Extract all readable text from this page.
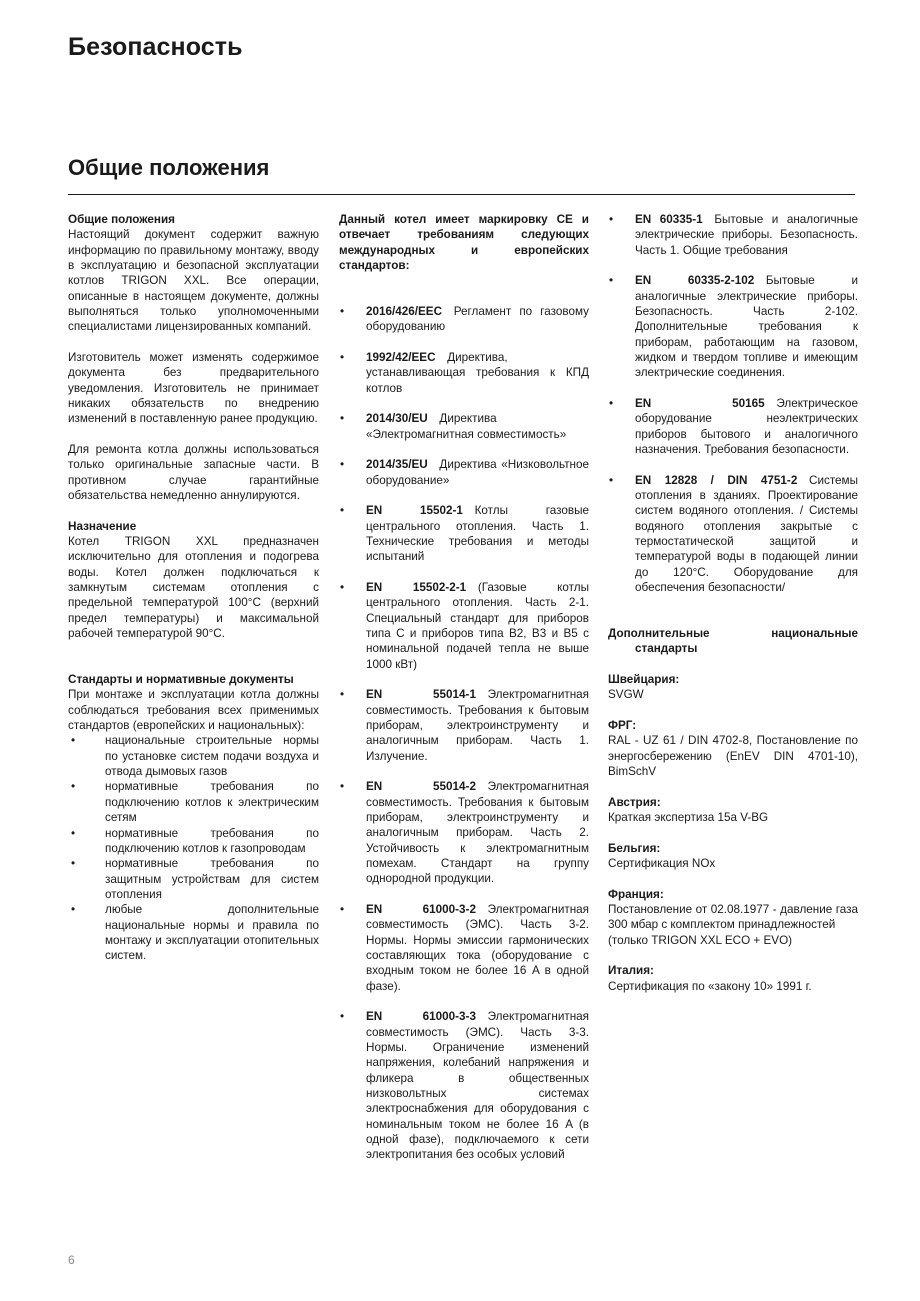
Безопасность
Общие положения
Общие положения
Настоящий документ содержит важную информацию по правильному монтажу, вводу в эксплуатацию и безопасной эксплуатации котлов TRIGON XXL. Все операции, описанные в настоящем документе, должны выполняться только уполномоченными специалистами лицензированных компаний.
Изготовитель может изменять содержимое документа без предварительного уведомления. Изготовитель не принимает никаких обязательств по внедрению изменений в поставленную ранее продукцию.
Для ремонта котла должны использоваться только оригинальные запасные части. В противном случае гарантийные обязательства немедленно аннулируются.
Назначение
Котел TRIGON XXL предназначен исключительно для отопления и подогрева воды. Котел должен подключаться к замкнутым системам отопления с предельной температурой 100°C (верхний предел температуры) и максимальной рабочей температурой 90°C.
Стандарты и нормативные документы
При монтаже и эксплуатации котла должны соблюдаться требования всех применимых стандартов (европейских и национальных):
•	национальные строительные нормы по установке систем подачи воздуха и отвода дымовых газов
•	нормативные требования по подключению котлов к электрическим сетям
•	нормативные требования по подключению котлов к газопроводам
•	нормативные требования по защитным устройствам для систем отопления
•	любые дополнительные национальные нормы и правила по монтажу и эксплуатации отопительных систем.
Данный котел имеет маркировку CE и отвечает требованиям следующих международных и европейских стандартов:
• 2016/426/EEC   Регламент по газовому оборудованию
• 1992/42/EEC   Директива, устанавливающая требования к КПД котлов
• 2014/30/EU   Директива «Электромагнитная совместимость»
• 2014/35/EU   Директива «Низковольтное оборудование»
• EN 15502-1   Котлы газовые центрального отопления. Часть 1. Технические требования и методы испытаний
• EN 15502-2-1   (Газовые котлы центрального отопления. Часть 2-1. Специальный стандарт для приборов типа C и приборов типа B2, B3 и B5 с номинальной подачей тепла не выше 1000 кВт)
• EN 55014-1   Электромагнитная совместимость. Требования к бытовым приборам, электроинструменту и аналогичным приборам. Часть 1. Излучение.
• EN 55014-2   Электромагнитная совместимость. Требования к бытовым приборам, электроинструменту и аналогичным приборам. Часть 2. Устойчивость к электромагнитным помехам. Стандарт на группу однородной продукции.
• EN 61000-3-2   Электромагнитная совместимость (ЭМС). Часть 3-2. Нормы. Нормы эмиссии гармонических составляющих тока (оборудование с входным током не более 16 A в одной фазе).
• EN 61000-3-3   Электромагнитная совместимость (ЭМС). Часть 3-3. Нормы. Ограничение изменений напряжения, колебаний напряжения и фликера в общественных низковольтных системах электроснабжения для оборудования с номинальным током не более 16 A (в одной фазе), подключаемого к сети электропитания без особых условий
• EN 60335-1   Бытовые и аналогичные электрические приборы. Безопасность. Часть 1. Общие требования
• EN 60335-2-102   Бытовые и аналогичные электрические приборы. Безопасность. Часть 2-102. Дополнительные требования к приборам, работающим на газовом, жидком и твердом топливе и имеющим электрические соединения.
• EN 50165   Электрическое оборудование неэлектрических приборов бытового и аналогичного назначения. Требования безопасности.
• EN 12828 / DIN 4751-2   Системы отопления в зданиях. Проектирование систем водяного отопления. / Системы водяного отопления закрытые с термостатической защитой и температурой воды в подающей линии до 120°C. Оборудование для обеспечения безопасности/
Дополнительные национальные стандарты
Швейцария:
SVGW
ФРГ:
RAL - UZ 61 / DIN 4702-8, Постановление по энергосбережению (EnEV DIN 4701-10), BimSchV
Австрия:
Краткая экспертиза 15a V-BG
Бельгия:
Сертификация NOx
Франция:
Постановление от 02.08.1977 - давление газа 300 мбар с комплектом принадлежностей
(только TRIGON XXL ECO + EVO)
Италия:
Сертификация по «закону 10» 1991 г.
6
